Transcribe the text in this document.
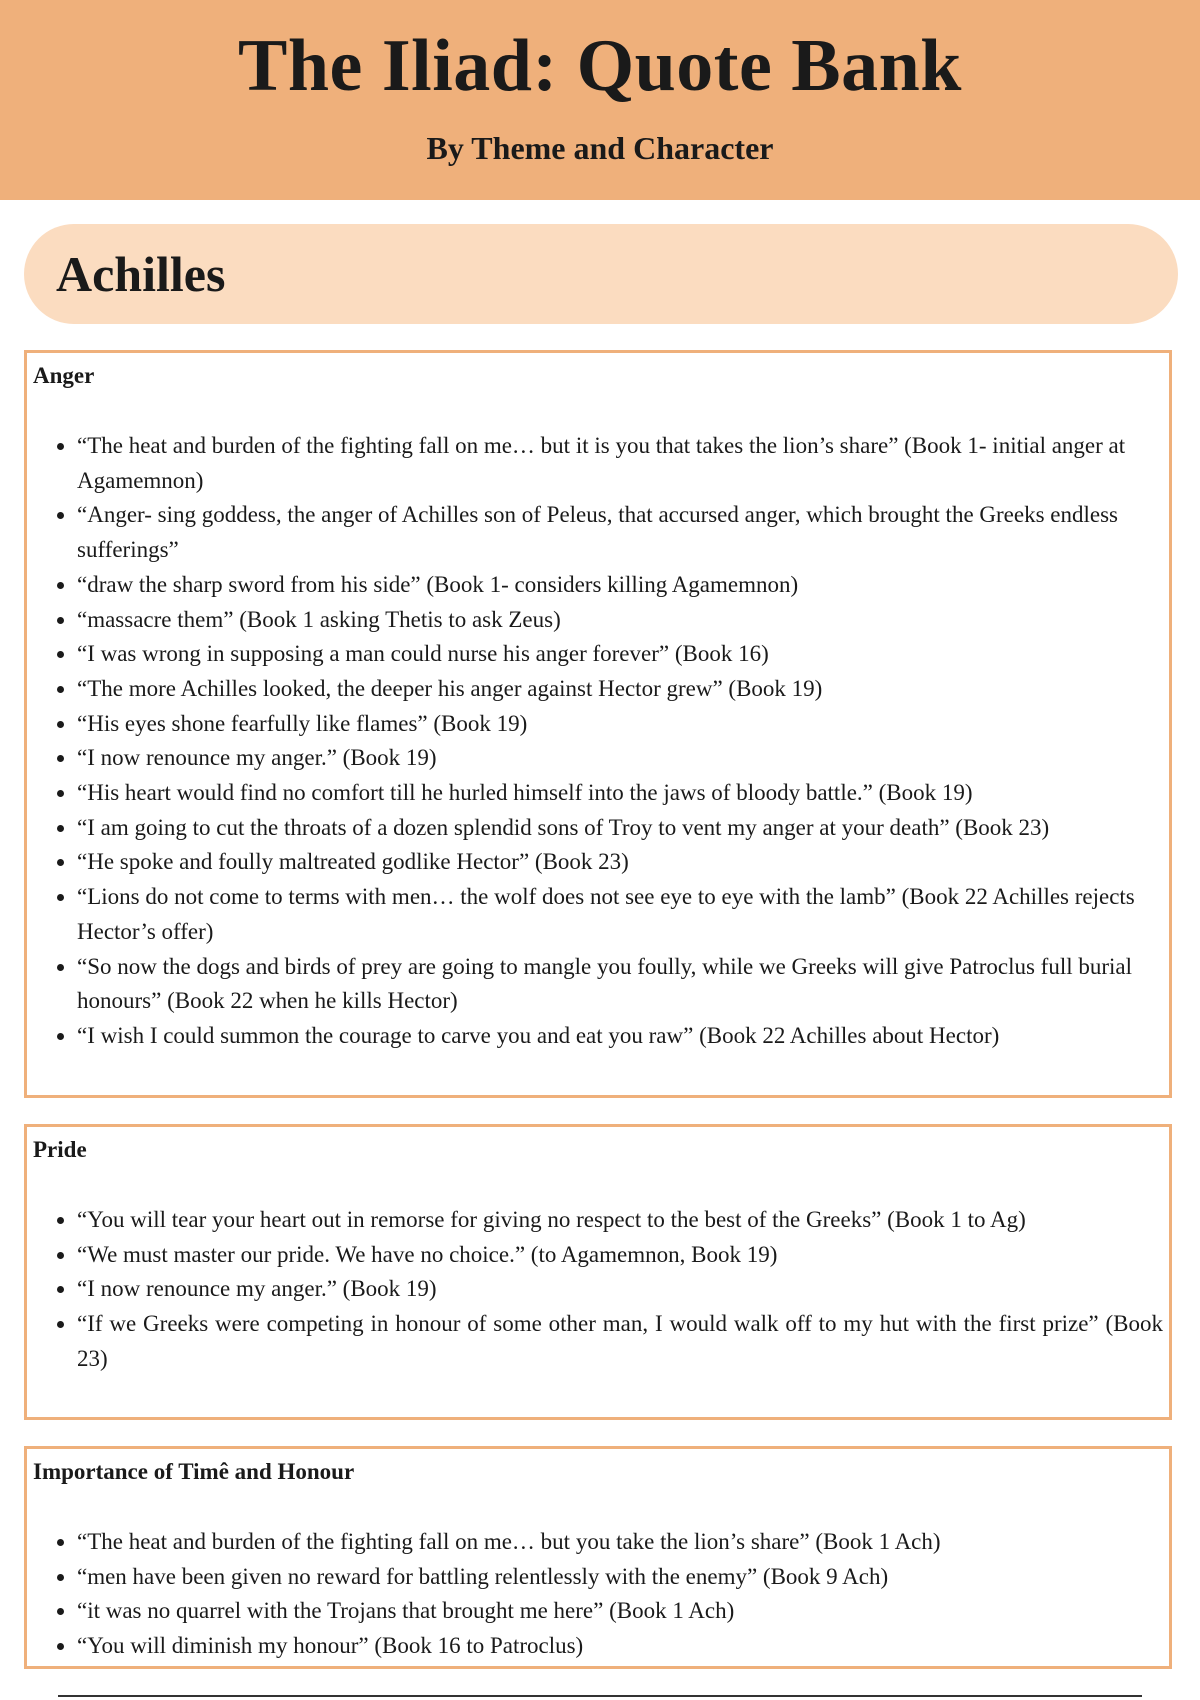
The Iliad: Quote Bank
By Theme and Character
Achilles
Anger
• “The heat and burden of the fighting fall on me… but it is you that takes the lion’s share” (Book 1- initial anger at Agamemnon)
• “Anger- sing goddess, the anger of Achilles son of Peleus, that accursed anger, which brought the Greeks endless sufferings”
• “draw the sharp sword from his side” (Book 1- considers killing Agamemnon)
• “massacre them” (Book 1 asking Thetis to ask Zeus)
• “I was wrong in supposing a man could nurse his anger forever” (Book 16)
• “The more Achilles looked, the deeper his anger against Hector grew” (Book 19)
• “His eyes shone fearfully like flames” (Book 19)
• “I now renounce my anger.” (Book 19)
• “His heart would find no comfort till he hurled himself into the jaws of bloody battle.” (Book 19)
• “I am going to cut the throats of a dozen splendid sons of Troy to vent my anger at your death” (Book 23)
• “He spoke and foully maltreated godlike Hector” (Book 23)
• “Lions do not come to terms with men… the wolf does not see eye to eye with the lamb” (Book 22 Achilles rejects Hector’s offer)
• “So now the dogs and birds of prey are going to mangle you foully, while we Greeks will give Patroclus full burial honours” (Book 22 when he kills Hector)
• “I wish I could summon the courage to carve you and eat you raw” (Book 22 Achilles about Hector)
Pride
• “You will tear your heart out in remorse for giving no respect to the best of the Greeks” (Book 1 to Ag)
• “We must master our pride. We have no choice.” (to Agamemnon, Book 19)
• “I now renounce my anger.” (Book 19)
• “If we Greeks were competing in honour of some other man, I would walk off to my hut with the first prize” (Book 23)
Importance of Timê and Honour
• “The heat and burden of the fighting fall on me… but you take the lion’s share” (Book 1 Ach)
• “men have been given no reward for battling relentlessly with the enemy” (Book 9 Ach)
• “it was no quarrel with the Trojans that brought me here” (Book 1 Ach)
• “You will diminish my honour” (Book 16 to Patroclus)
